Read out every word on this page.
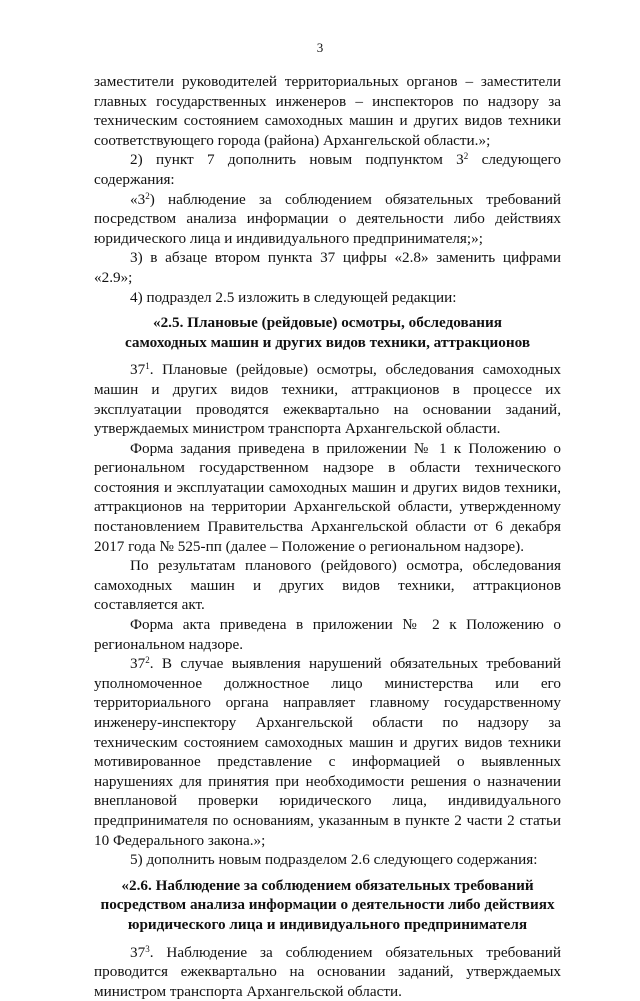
3

заместители руководителей территориальных органов – заместители главных государственных инженеров – инспекторов по надзору за техническим состоянием самоходных машин и других видов техники соответствующего города (района) Архангельской области.»;

2) пункт 7 дополнить новым подпунктом $3^2$ следующего содержания:

«$3^2$) наблюдение за соблюдением обязательных требований посредством анализа информации о деятельности либо действиях юридического лица и индивидуального предпринимателя;»;

3) в абзаце втором пункта 37 цифры «2.8» заменить цифрами «2.9»;

4) подраздел 2.5 изложить в следующей редакции:

«2.5. Плановые (рейдовые) осмотры, обследования
самоходных машин и других видов техники, аттракционов

$37^1$. Плановые (рейдовые) осмотры, обследования самоходных машин и других видов техники, аттракционов в процессе их эксплуатации проводятся ежеквартально на основании заданий, утверждаемых министром транспорта Архангельской области.

Форма задания приведена в приложении № 1 к Положению о региональном государственном надзоре в области технического состояния и эксплуатации самоходных машин и других видов техники, аттракционов на территории Архангельской области, утвержденному постановлением Правительства Архангельской области от 6 декабря 2017 года № 525-пп (далее – Положение о региональном надзоре).

По результатам планового (рейдового) осмотра, обследования самоходных машин и других видов техники, аттракционов составляется акт.

Форма акта приведена в приложении № 2 к Положению о региональном надзоре.

$37^2$. В случае выявления нарушений обязательных требований уполномоченное должностное лицо министерства или его территориального органа направляет главному государственному инженеру-инспектору Архангельской области по надзору за техническим состоянием самоходных машин и других видов техники мотивированное представление с информацией о выявленных нарушениях для принятия при необходимости решения о назначении внеплановой проверки юридического лица, индивидуального предпринимателя по основаниям, указанным в пункте 2 части 2 статьи 10 Федерального закона.»;

5) дополнить новым подразделом 2.6 следующего содержания:

«2.6. Наблюдение за соблюдением обязательных требований
посредством анализа информации о деятельности либо действиях
юридического лица и индивидуального предпринимателя

$37^3$. Наблюдение за соблюдением обязательных требований проводится ежеквартально на основании заданий, утверждаемых министром транспорта Архангельской области.
